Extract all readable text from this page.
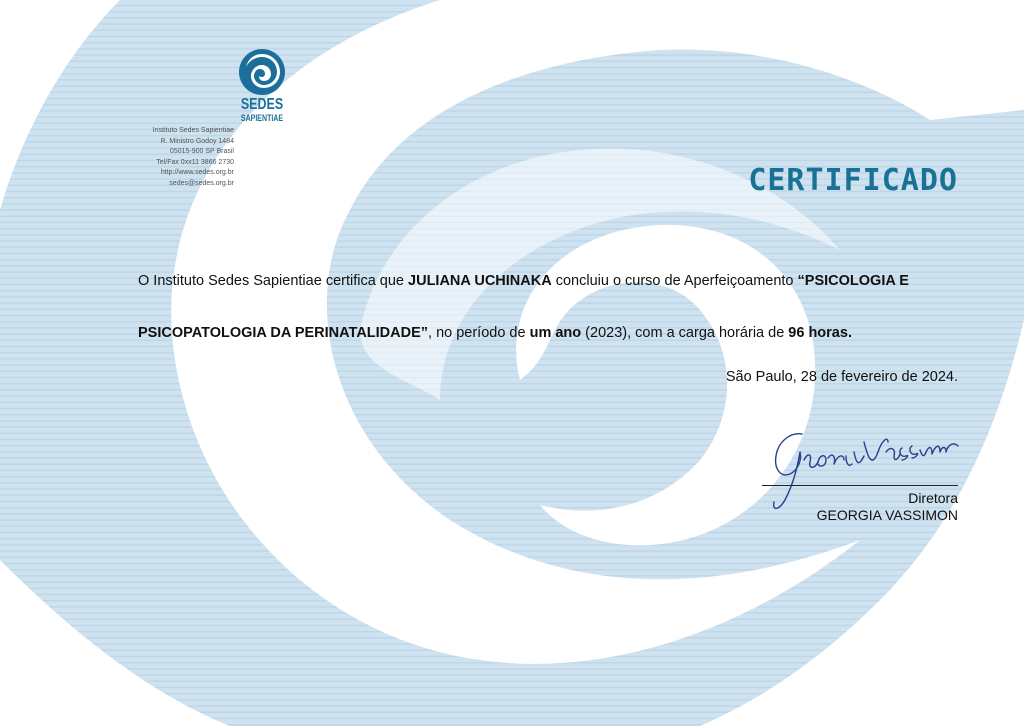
SEDES
SAPIENTIAE
Instituto Sedes Sapientiae
R. Ministro Godoy 1484
05015-900 SP Brasil
Tel/Fax 0xx11 3866 2730
http://www.sedes.org.br
sedes@sedes.org.br	CERTIFICADO
O Instituto Sedes Sapientiae certifica que JULIANA UCHINAKA concluiu o curso de Aperfeiçoamento “PSICOLOGIA E PSICOPATOLOGIA DA PERINATALIDADE”, no período de um ano (2023), com a carga horária de 96 horas.
São Paulo, 28 de fevereiro de 2024.
Diretora
GEORGIA VASSIMON
